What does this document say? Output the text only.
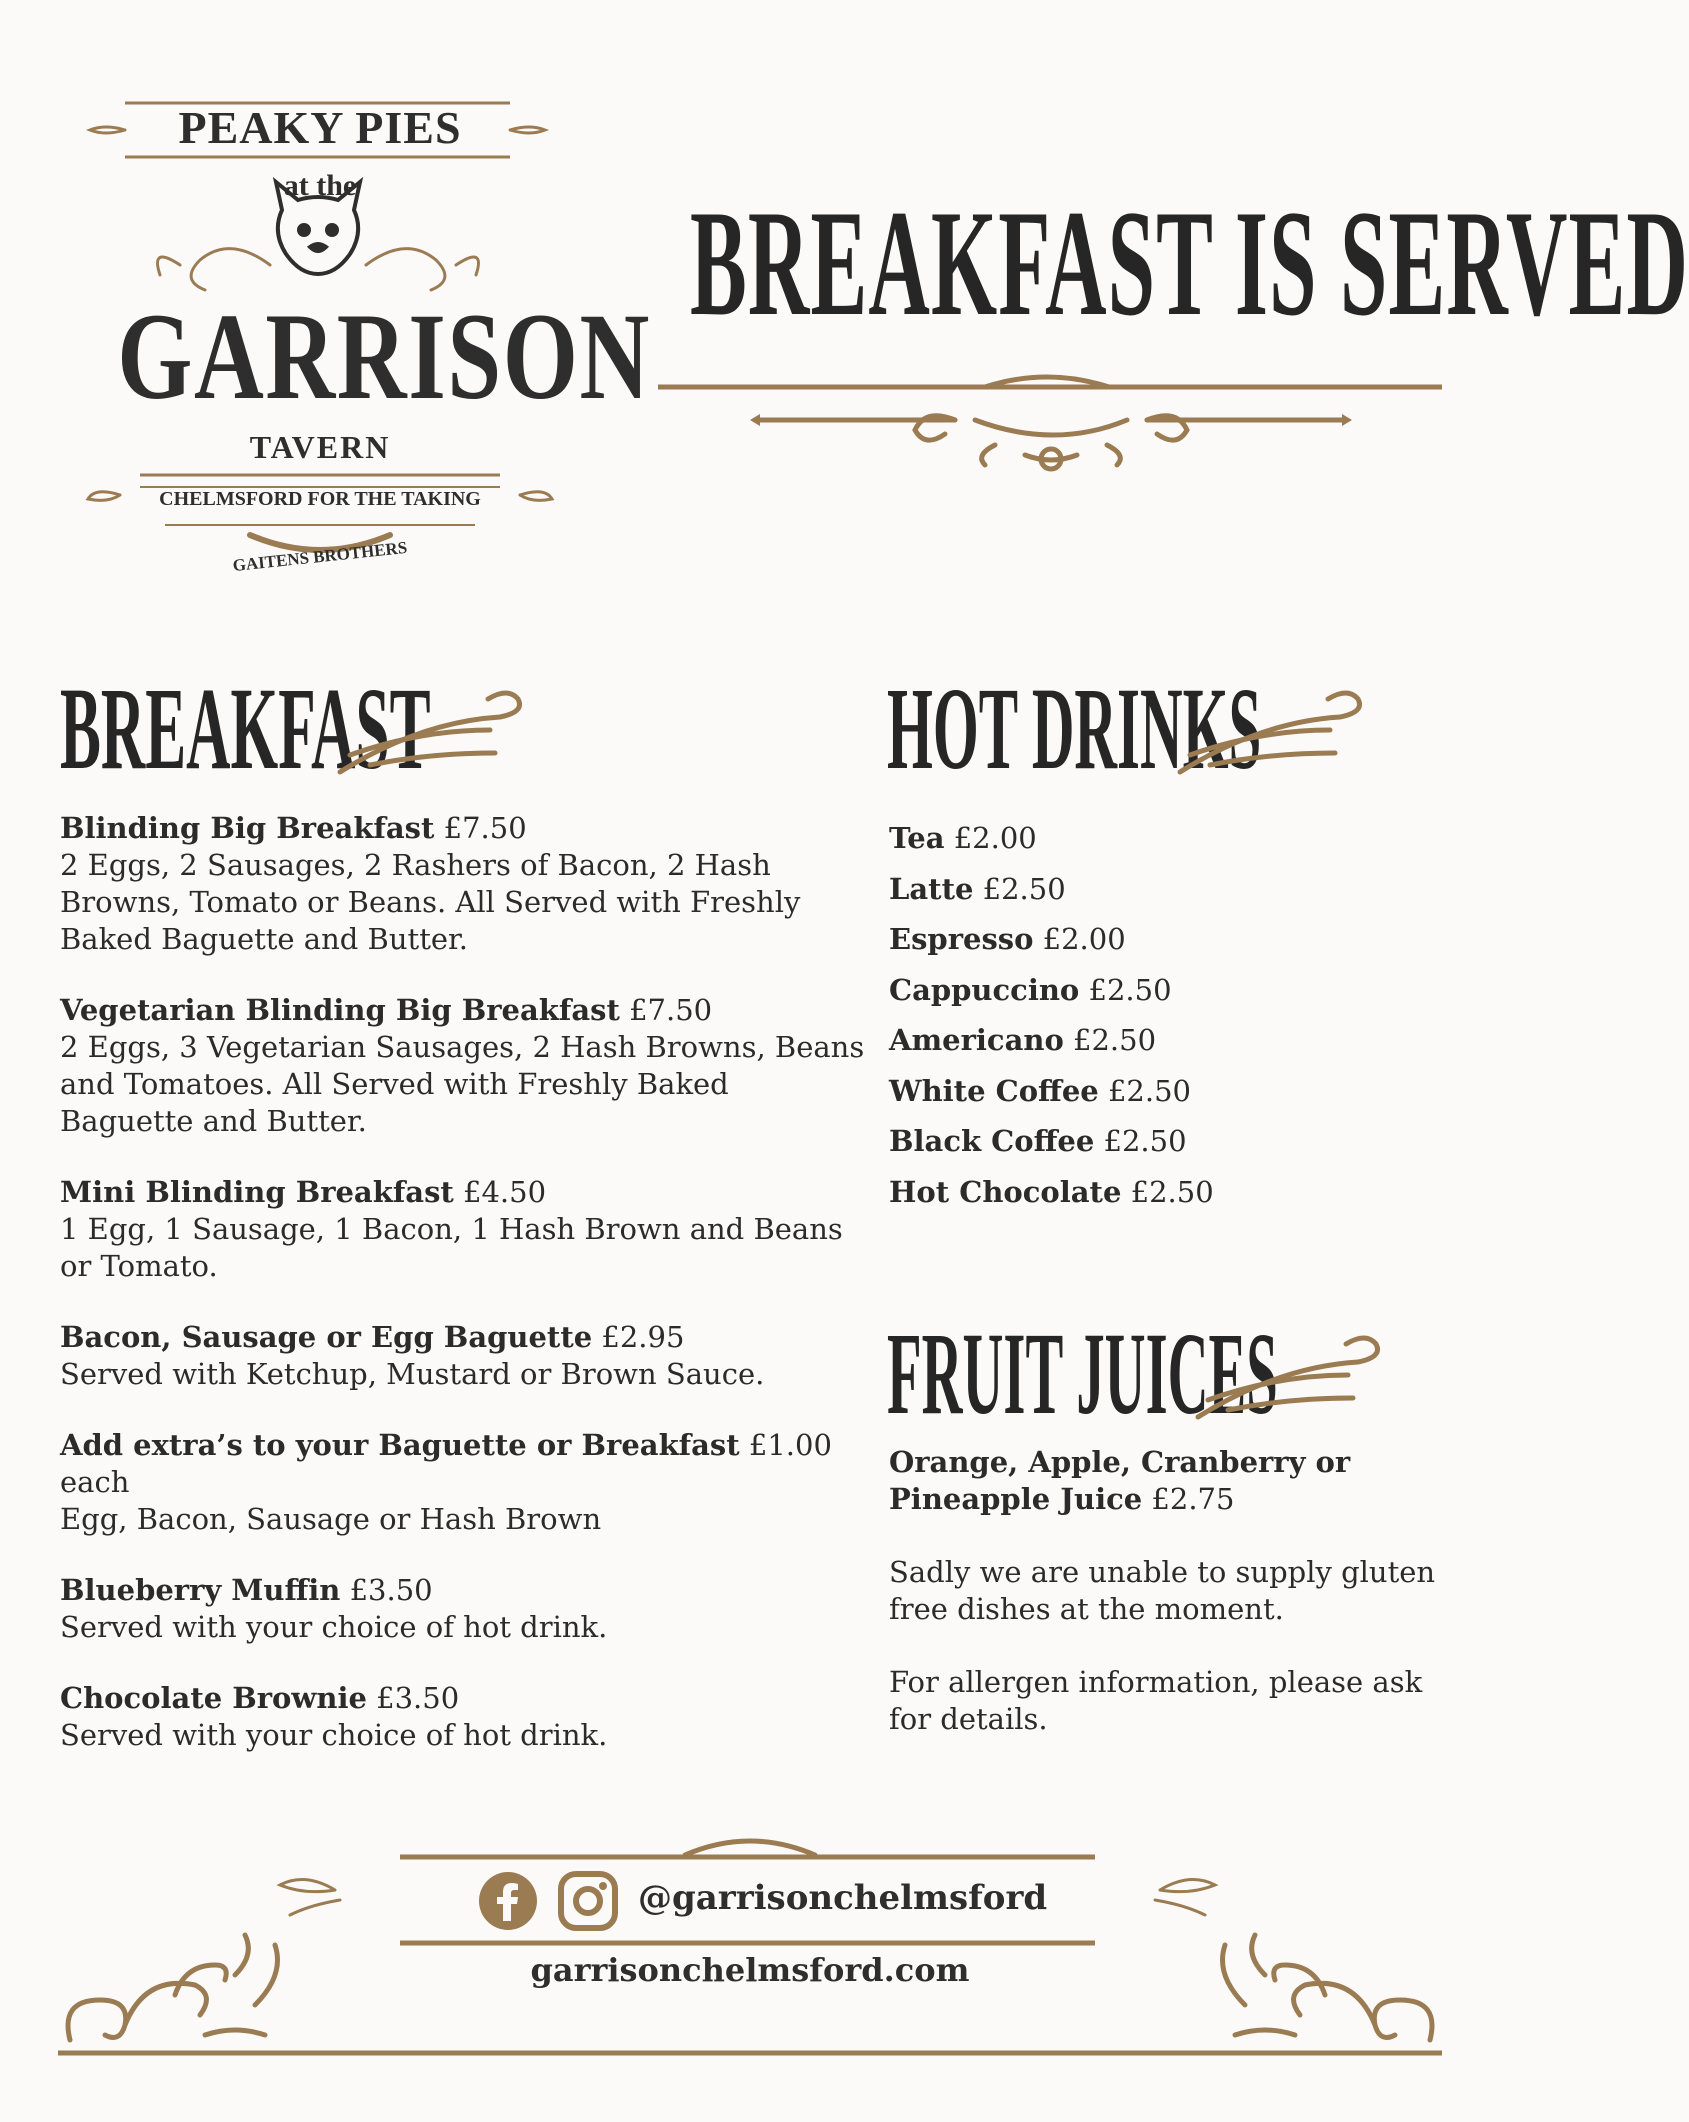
PEAKY PIES
at the
GARRISON
TAVERN
CHELMSFORD FOR THE TAKING
GAITENS BROTHERS
BREAKFAST IS SERVED
BREAKFAST
Blinding Big Breakfast £7.50
2 Eggs, 2 Sausages, 2 Rashers of Bacon, 2 Hash Browns, Tomato or Beans. All Served with Freshly Baked Baguette and Butter.
Vegetarian Blinding Big Breakfast £7.50
2 Eggs, 3 Vegetarian Sausages, 2 Hash Browns, Beans and Tomatoes. All Served with Freshly Baked Baguette and Butter.
Mini Blinding Breakfast £4.50
1 Egg, 1 Sausage, 1 Bacon, 1 Hash Brown and Beans or Tomato.
Bacon, Sausage or Egg Baguette £2.95
Served with Ketchup, Mustard or Brown Sauce.
Add extra’s to your Baguette or Breakfast £1.00 each
Egg, Bacon, Sausage or Hash Brown
Blueberry Muffin £3.50
Served with your choice of hot drink.
Chocolate Brownie £3.50
Served with your choice of hot drink.
HOT DRINKS
Tea £2.00
Latte £2.50
Espresso £2.00
Cappuccino £2.50
Americano £2.50
White Coffee £2.50
Black Coffee £2.50
Hot Chocolate £2.50
FRUIT JUICES
Orange, Apple, Cranberry or Pineapple Juice £2.75
Sadly we are unable to supply gluten free dishes at the moment.
For allergen information, please ask for details.
@garrisonchelmsford
garrisonchelmsford.com
